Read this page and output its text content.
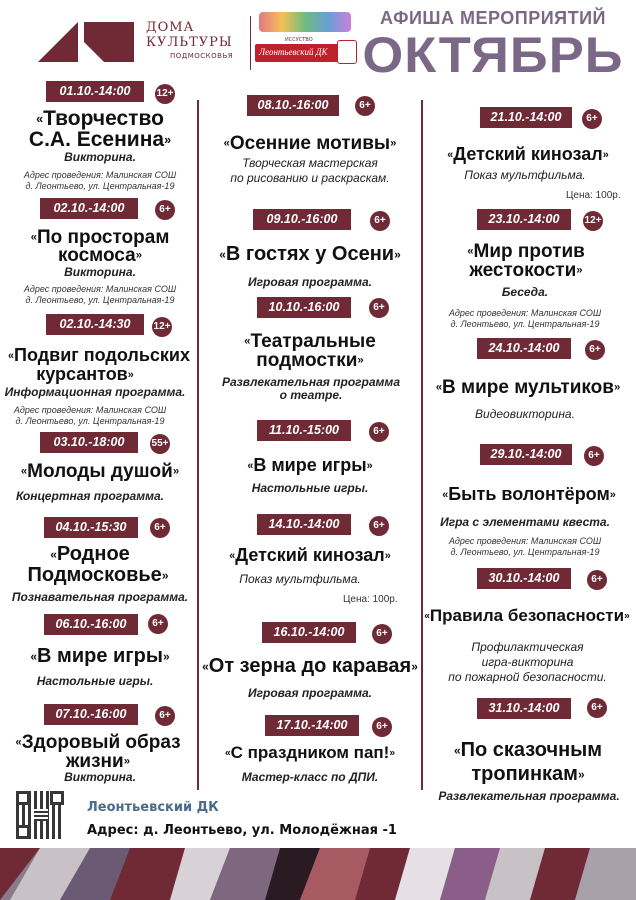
ДОМА
КУЛЬТУРЫ
ПОДМОСКОВЬЯ
ИССУСТВО
Леонтьевский ДК
АФИША МЕРОПРИЯТИЙ
ОКТЯБРЬ
01.10.-14:00	12+
«Творчество
С.А. Есенина»
Викторина.
Адрес проведения: Малинская СОШ
д. Леонтьево, ул. Центральная-19
02.10.-14:00	6+
«По просторам
космоса»
Викторина.
Адрес проведения: Малинская СОШ
д. Леонтьево, ул. Центральная-19
02.10.-14:30	12+
«Подвиг подольских
курсантов»
Информационная программа.
Адрес проведения: Малинская СОШ
д. Леонтьево, ул. Центральная-19
03.10.-18:00	55+
«Молоды душой»
Концертная программа.
04.10.-15:30	6+
«Родное
Подмосковье»
Познавательная программа.
06.10.-16:00	6+
«В мире игры»
Настольные игры.
07.10.-16:00	6+
«Здоровый образ
жизни»
Викторина.
08.10.-16:00	6+
«Осенние мотивы»
Творческая мастерская
по рисованию и раскраскам.
09.10.-16:00	6+
«В гостях у Осени»
Игровая программа.
10.10.-16:00	6+
«Театральные
подмостки»
Развлекательная программа
о театре.
11.10.-15:00	6+
«В мире игры»
Настольные игры.
14.10.-14:00	6+
«Детский кинозал»
Показ мультфильма.
Цена: 100р.
16.10.-14:00	6+
«От зерна до каравая»
Игровая программа.
17.10.-14:00	6+
«С праздником пап!»
Мастер-класс по ДПИ.
21.10.-14:00	6+
«Детский кинозал»
Показ мультфильма.
Цена: 100р.
23.10.-14:00	12+
«Мир против
жестокости»
Беседа.
Адрес проведения: Малинская СОШ
д. Леонтьево, ул. Центральная-19
24.10.-14:00	6+
«В мире мультиков»
Видеовикторина.
29.10.-14:00	6+
«Быть волонтёром»
Игра с элементами квеста.
Адрес проведения: Малинская СОШ
д. Леонтьево, ул. Центральная-19
30.10.-14:00	6+
«Правила безопасности»
Профилактическая
игра-викторина
по пожарной безопасности.
31.10.-14:00	6+
«По сказочным
тропинкам»
Развлекательная программа.
Леонтьевский ДК
Адрес: д. Леонтьево, ул. Молодёжная -1
